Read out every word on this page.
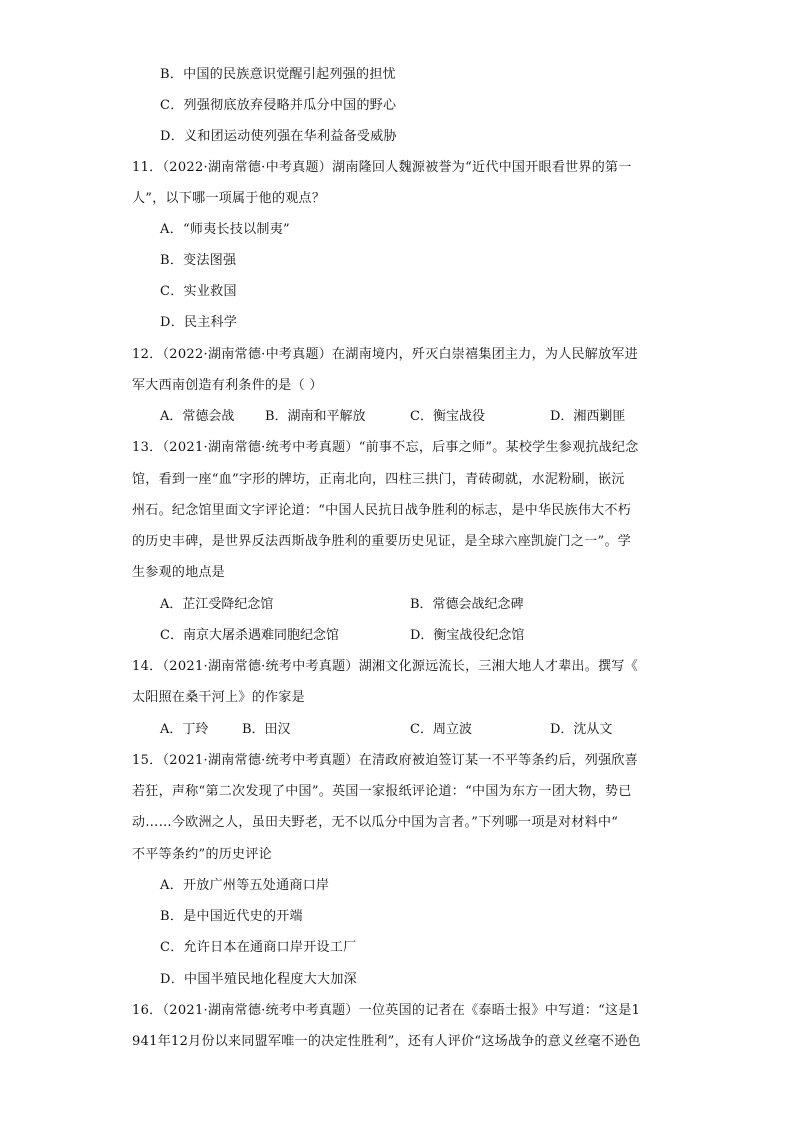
B．中国的民族意识觉醒引起列强的担忧
C．列强彻底放弃侵略并瓜分中国的野心
D．义和团运动使列强在华利益备受威胁
11．（2022·湖南常德·中考真题）湖南隆回人魏源被誉为“近代中国开眼看世界的第一
人”，以下哪一项属于他的观点？
A．“师夷长技以制夷”
B．变法图强
C．实业救国
D．民主科学
12．（2022·湖南常德·中考真题）在湖南境内，歼灭白崇禧集团主力，为人民解放军进
军大西南创造有利条件的是（ ）
A．常德会战 B．湖南和平解放	C．衡宝战役	D．湘西剿匪
13．（2021·湖南常德·统考中考真题）“前事不忘，后事之师”。某校学生参观抗战纪念
馆，看到一座“血”字形的牌坊，正南北向，四柱三拱门，青砖砌就，水泥粉刷，嵌沅
州石。纪念馆里面文字评论道：“中国人民抗日战争胜利的标志，是中华民族伟大不朽
的历史丰碑，是世界反法西斯战争胜利的重要历史见证，是全球六座凯旋门之一”。学
生参观的地点是
A．芷江受降纪念馆	B．常德会战纪念碑
C．南京大屠杀遇难同胞纪念馆	D．衡宝战役纪念馆
14．（2021·湖南常德·统考中考真题）湖湘文化源远流长，三湘大地人才辈出。撰写《
太阳照在桑干河上》的作家是
A．丁玲	B．田汉	C．周立波	D．沈从文
15．（2021·湖南常德·统考中考真题）在清政府被迫签订某一不平等条约后，列强欣喜
若狂，声称“第二次发现了中国”。英国一家报纸评论道：“中国为东方一团大物，势已
动……今欧洲之人，虽田夫野老，无不以瓜分中国为言者。”下列哪一项是对材料中“
不平等条约”的历史评论
A．开放广州等五处通商口岸
B．是中国近代史的开端
C．允许日本在通商口岸开设工厂
D．中国半殖民地化程度大大加深
16．（2021·湖南常德·统考中考真题）一位英国的记者在《泰晤士报》中写道：“这是1
941年12月份以来同盟军唯一的决定性胜利”，还有人评价“这场战争的意义丝毫不逊色
